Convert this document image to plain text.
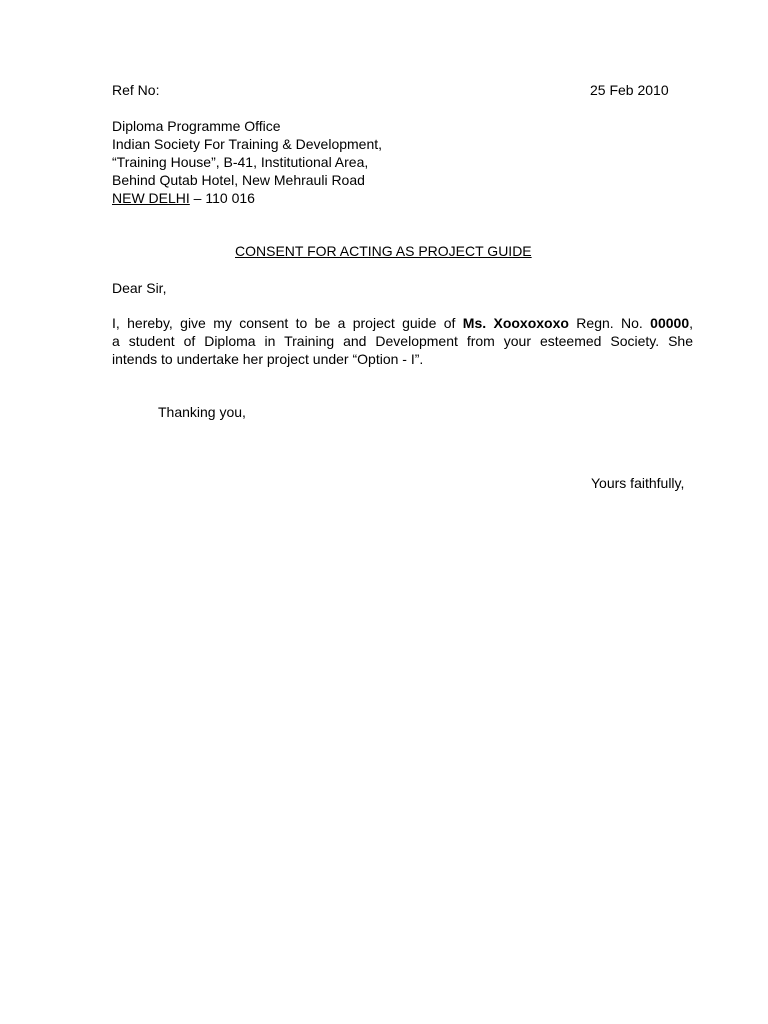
Ref No:	25 Feb 2010
Diploma Programme Office
Indian Society For Training & Development,
“Training House”, B-41, Institutional Area,
Behind Qutab Hotel, New Mehrauli Road
NEW DELHI – 110 016
CONSENT FOR ACTING AS PROJECT GUIDE
Dear Sir,
I, hereby, give my consent to be a project guide of Ms. Xooxoxoxo Regn. No. 00000,
a student of Diploma in Training and Development from your esteemed Society. She
intends to undertake her project under “Option - I”.
Thanking you,
Yours faithfully,
